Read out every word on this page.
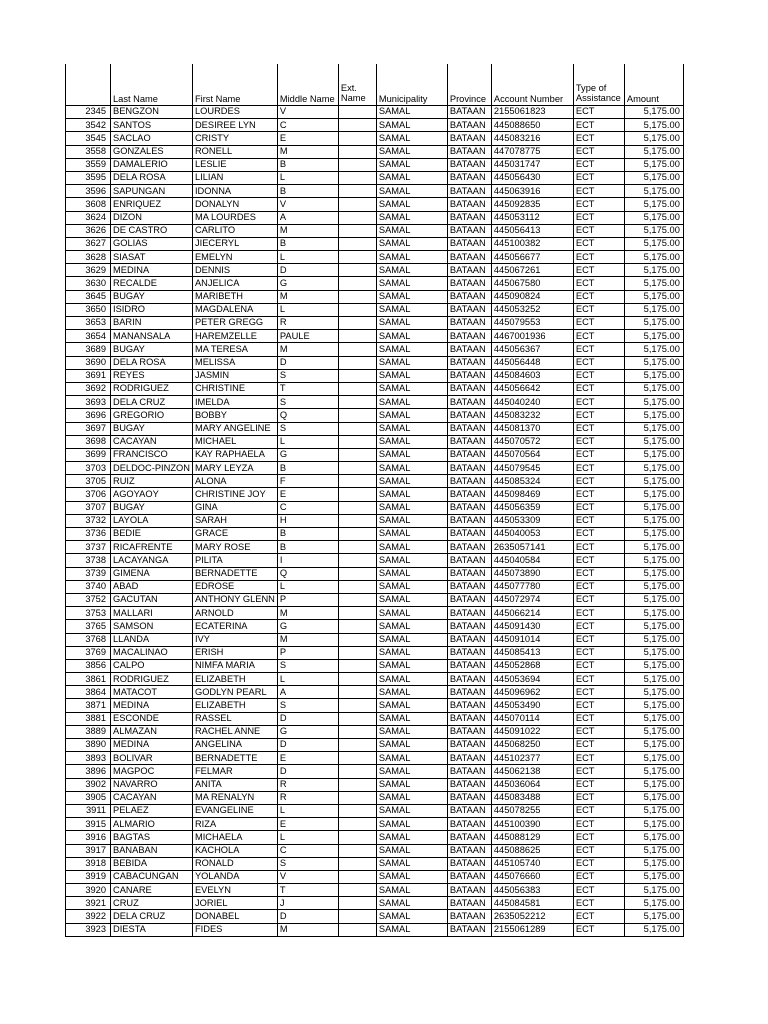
	Last Name	First Name	Middle Name	Ext. Name	Municipality	Province	Account Number	Type of Assistance	Amount
2345	BENGZON	LOURDES	V		SAMAL	BATAAN	2155061823	ECT	5,175.00
3542	SANTOS	DESIREE LYN	C		SAMAL	BATAAN	445088650	ECT	5,175.00
3545	SACLAO	CRISTY	E		SAMAL	BATAAN	445083216	ECT	5,175.00
3558	GONZALES	RONELL	M		SAMAL	BATAAN	447078775	ECT	5,175.00
3559	DAMALERIO	LESLIE	B		SAMAL	BATAAN	445031747	ECT	5,175.00
3595	DELA ROSA	LILIAN	L		SAMAL	BATAAN	445056430	ECT	5,175.00
3596	SAPUNGAN	IDONNA	B		SAMAL	BATAAN	445063916	ECT	5,175.00
3608	ENRIQUEZ	DONALYN	V		SAMAL	BATAAN	445092835	ECT	5,175.00
3624	DIZON	MA LOURDES	A		SAMAL	BATAAN	445053112	ECT	5,175.00
3626	DE CASTRO	CARLITO	M		SAMAL	BATAAN	445056413	ECT	5,175.00
3627	GOLIAS	JIECERYL	B		SAMAL	BATAAN	445100382	ECT	5,175.00
3628	SIASAT	EMELYN	L		SAMAL	BATAAN	445056677	ECT	5,175.00
3629	MEDINA	DENNIS	D		SAMAL	BATAAN	445067261	ECT	5,175.00
3630	RECALDE	ANJELICA	G		SAMAL	BATAAN	445067580	ECT	5,175.00
3645	BUGAY	MARIBETH	M		SAMAL	BATAAN	445090824	ECT	5,175.00
3650	ISIDRO	MAGDALENA	L		SAMAL	BATAAN	445053252	ECT	5,175.00
3653	BARIN	PETER GREGG	R		SAMAL	BATAAN	445079553	ECT	5,175.00
3654	MANANSALA	HAREMZELLE	PAULE		SAMAL	BATAAN	4467001936	ECT	5,175.00
3689	BUGAY	MA TERESA	M		SAMAL	BATAAN	445056367	ECT	5,175.00
3690	DELA ROSA	MELISSA	D		SAMAL	BATAAN	445056448	ECT	5,175.00
3691	REYES	JASMIN	S		SAMAL	BATAAN	445084603	ECT	5,175.00
3692	RODRIGUEZ	CHRISTINE	T		SAMAL	BATAAN	445056642	ECT	5,175.00
3693	DELA CRUZ	IMELDA	S		SAMAL	BATAAN	445040240	ECT	5,175.00
3696	GREGORIO	BOBBY	Q		SAMAL	BATAAN	445083232	ECT	5,175.00
3697	BUGAY	MARY ANGELINE	S		SAMAL	BATAAN	445081370	ECT	5,175.00
3698	CACAYAN	MICHAEL	L		SAMAL	BATAAN	445070572	ECT	5,175.00
3699	FRANCISCO	KAY RAPHAELA	G		SAMAL	BATAAN	445070564	ECT	5,175.00
3703	DELDOC-PINZON	MARY LEYZA	B		SAMAL	BATAAN	445079545	ECT	5,175.00
3705	RUIZ	ALONA	F		SAMAL	BATAAN	445085324	ECT	5,175.00
3706	AGOYAOY	CHRISTINE JOY	E		SAMAL	BATAAN	445098469	ECT	5,175.00
3707	BUGAY	GINA	C		SAMAL	BATAAN	445056359	ECT	5,175.00
3732	LAYOLA	SARAH	H		SAMAL	BATAAN	445053309	ECT	5,175.00
3736	BEDIE	GRACE	B		SAMAL	BATAAN	445040053	ECT	5,175.00
3737	RICAFRENTE	MARY ROSE	B		SAMAL	BATAAN	2635057141	ECT	5,175.00
3738	LACAYANGA	PILITA	I		SAMAL	BATAAN	445040584	ECT	5,175.00
3739	GIMENA	BERNADETTE	Q		SAMAL	BATAAN	445073890	ECT	5,175.00
3740	ABAD	EDROSE	L		SAMAL	BATAAN	445077780	ECT	5,175.00
3752	GACUTAN	ANTHONY GLENN	P		SAMAL	BATAAN	445072974	ECT	5,175.00
3753	MALLARI	ARNOLD	M		SAMAL	BATAAN	445066214	ECT	5,175.00
3765	SAMSON	ECATERINA	G		SAMAL	BATAAN	445091430	ECT	5,175.00
3768	LLANDA	IVY	M		SAMAL	BATAAN	445091014	ECT	5,175.00
3769	MACALINAO	ERISH	P		SAMAL	BATAAN	445085413	ECT	5,175.00
3856	CALPO	NIMFA MARIA	S		SAMAL	BATAAN	445052868	ECT	5,175.00
3861	RODRIGUEZ	ELIZABETH	L		SAMAL	BATAAN	445053694	ECT	5,175.00
3864	MATACOT	GODLYN PEARL	A		SAMAL	BATAAN	445096962	ECT	5,175.00
3871	MEDINA	ELIZABETH	S		SAMAL	BATAAN	445053490	ECT	5,175.00
3881	ESCONDE	RASSEL	D		SAMAL	BATAAN	445070114	ECT	5,175.00
3889	ALMAZAN	RACHEL ANNE	G		SAMAL	BATAAN	445091022	ECT	5,175.00
3890	MEDINA	ANGELINA	D		SAMAL	BATAAN	445068250	ECT	5,175.00
3893	BOLIVAR	BERNADETTE	E		SAMAL	BATAAN	445102377	ECT	5,175.00
3896	MAGPOC	FELMAR	D		SAMAL	BATAAN	445062138	ECT	5,175.00
3902	NAVARRO	ANITA	R		SAMAL	BATAAN	445036064	ECT	5,175.00
3905	CACAYAN	MA RENALYN	R		SAMAL	BATAAN	445083488	ECT	5,175.00
3911	PELAEZ	EVANGELINE	L		SAMAL	BATAAN	445078255	ECT	5,175.00
3915	ALMARIO	RIZA	E		SAMAL	BATAAN	445100390	ECT	5,175.00
3916	BAGTAS	MICHAELA	L		SAMAL	BATAAN	445088129	ECT	5,175.00
3917	BANABAN	KACHOLA	C		SAMAL	BATAAN	445088625	ECT	5,175.00
3918	BEBIDA	RONALD	S		SAMAL	BATAAN	445105740	ECT	5,175.00
3919	CABACUNGAN	YOLANDA	V		SAMAL	BATAAN	445076660	ECT	5,175.00
3920	CANARE	EVELYN	T		SAMAL	BATAAN	445056383	ECT	5,175.00
3921	CRUZ	JORIEL	J		SAMAL	BATAAN	445084581	ECT	5,175.00
3922	DELA CRUZ	DONABEL	D		SAMAL	BATAAN	2635052212	ECT	5,175.00
3923	DIESTA	FIDES	M		SAMAL	BATAAN	2155061289	ECT	5,175.00
